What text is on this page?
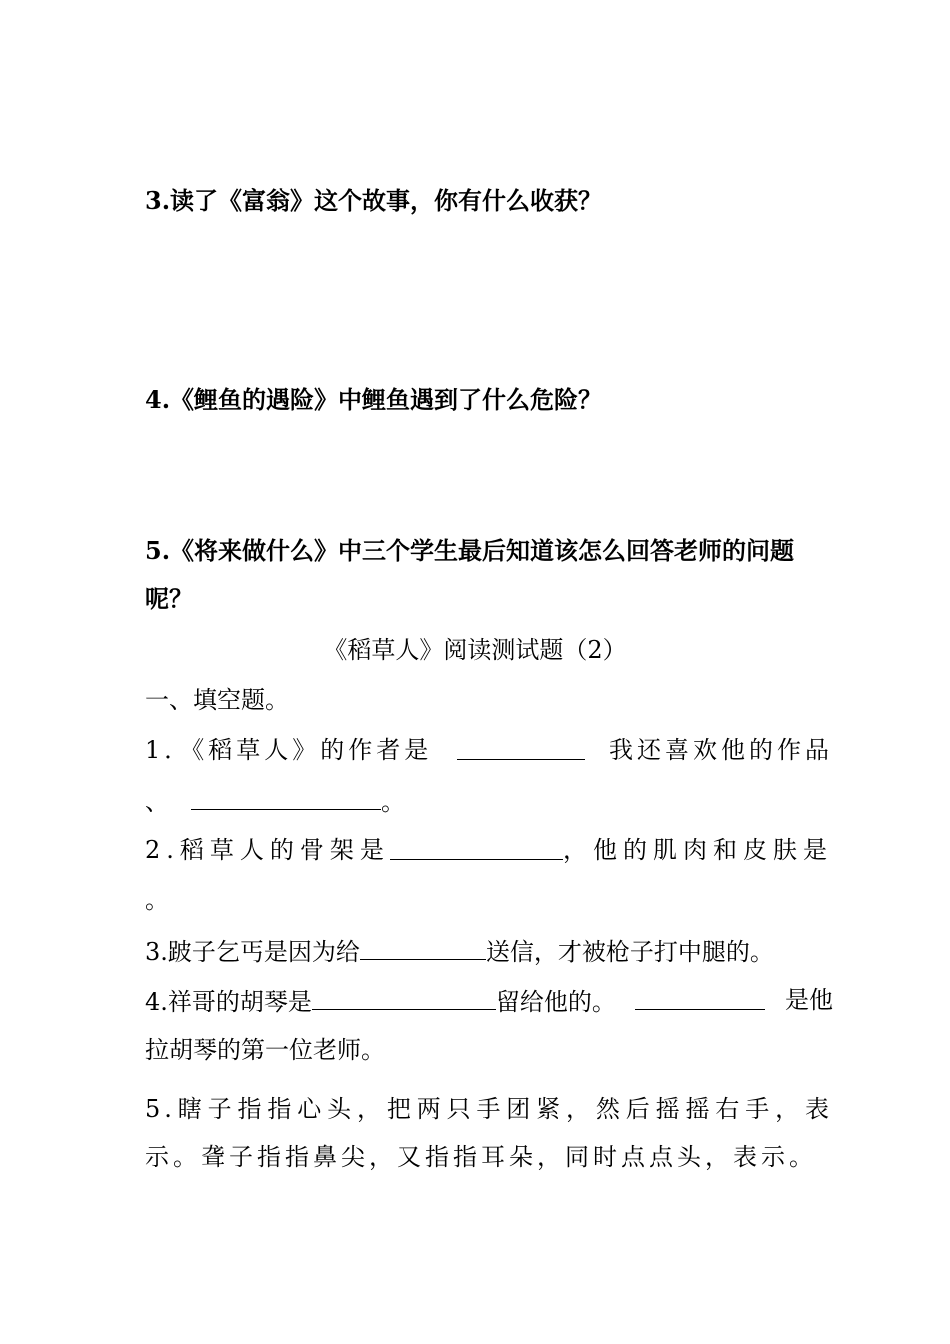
3.读了《富翁》这个故事，你有什么收获？
4.《鲤鱼的遇险》中鲤鱼遇到了什么危险？
5.《将来做什么》中三个学生最后知道该怎么回答老师的问题
呢？
《稻草人》阅读测试题（2）
一、填空题。
1．《稻草人》的作者是	我还喜欢他的作品
、	。
2.稻草人的骨架是	，他的肌肉和皮肤是
。
3.跛子乞丐是因为给	送信，才被枪子打中腿的。
4.祥哥的胡琴是	留给他的。	是他
拉胡琴的第一位老师。
5.瞎子指指心头，把两只手团紧，然后摇摇右手，表示。聋子指指鼻尖，又指指耳朵，同时点点头，表示。
